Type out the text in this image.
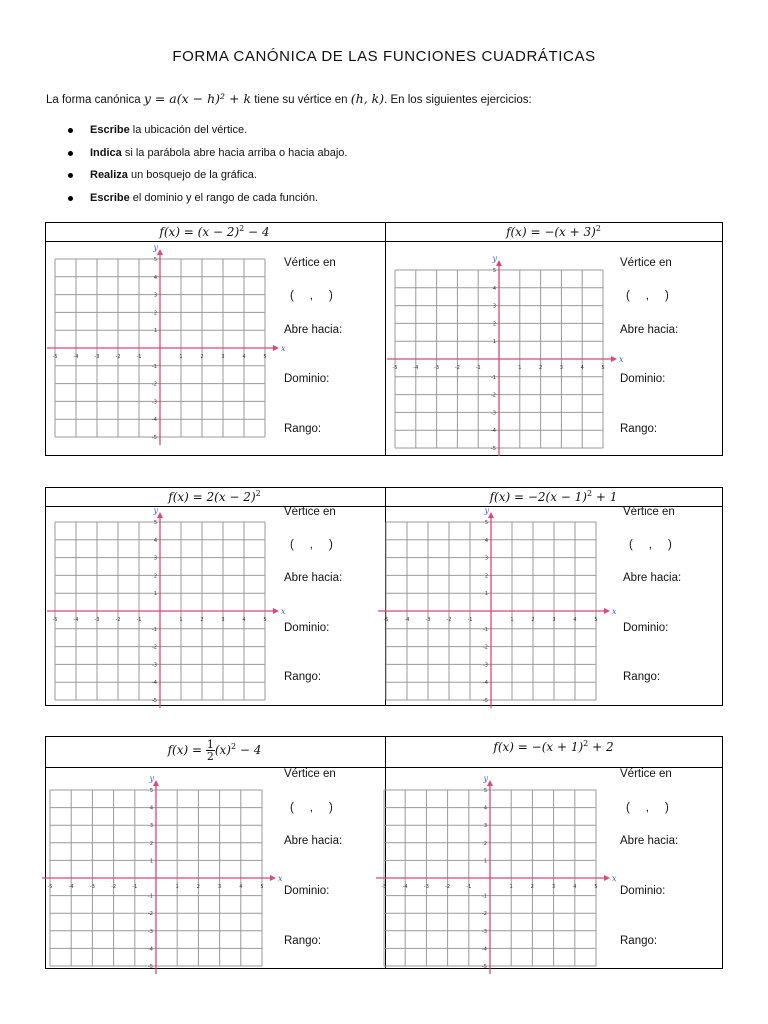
FORMA CANÓNICA DE LAS FUNCIONES CUADRÁTICAS
La forma canónica y = a(x − h)² + k tiene su vértice en (h, k). En los siguientes ejercicios:
Escribe la ubicación del vértice.
Indica si la parábola abre hacia arriba o hacia abajo.
Realiza un bosquejo de la gráfica.
Escribe el dominio y el rango de cada función.
$f(x) = (x - 2)^2 - 4$	$f(x) = -(x + 3)^2$
$f(x) = 2(x - 2)^2$	$f(x) = -2(x - 1)^2 + 1$
$f(x) = \frac{1}{2} (x)^2 - 4$	$f(x) = -(x + 1)^2 + 2$
x
y
-5	-4	-3	-2	-1	1	2	3	4	5
5
4
3
2
1
-1
-2
-3
-4
-5
Vértice en
(     ,     )
Abre hacia:
Dominio:
Rango:
x
y
-5	-4	-3	-2	-1	1	2	3	4	5
5
4
3
2
1
-1
-2
-3
-4
-5
Vértice en
(     ,     )
Abre hacia:
Dominio:
Rango:
x
y
-5	-4	-3	-2	-1	1	2	3	4	5
5
4
3
2
1
-1
-2
-3
-4
-5
Vértice en
(     ,     )
Abre hacia:
Dominio:
Rango:
x
y
-5	-4	-3	-2	-1	1	2	3	4	5
5
4
3
2
1
-1
-2
-3
-4
-5
Vértice en
(     ,     )
Abre hacia:
Dominio:
Rango:
x
y
-5	-4	-3	-2	-1	1	2	3	4	5
5
4
3
2
1
-1
-2
-3
-4
-5
Vértice en
(     ,     )
Abre hacia:
Dominio:
Rango:
x
y
-5	-4	-3	-2	-1	1	2	3	4	5
5
4
3
2
1
-1
-2
-3
-4
-5
Vértice en
(     ,     )
Abre hacia:
Dominio:
Rango:
